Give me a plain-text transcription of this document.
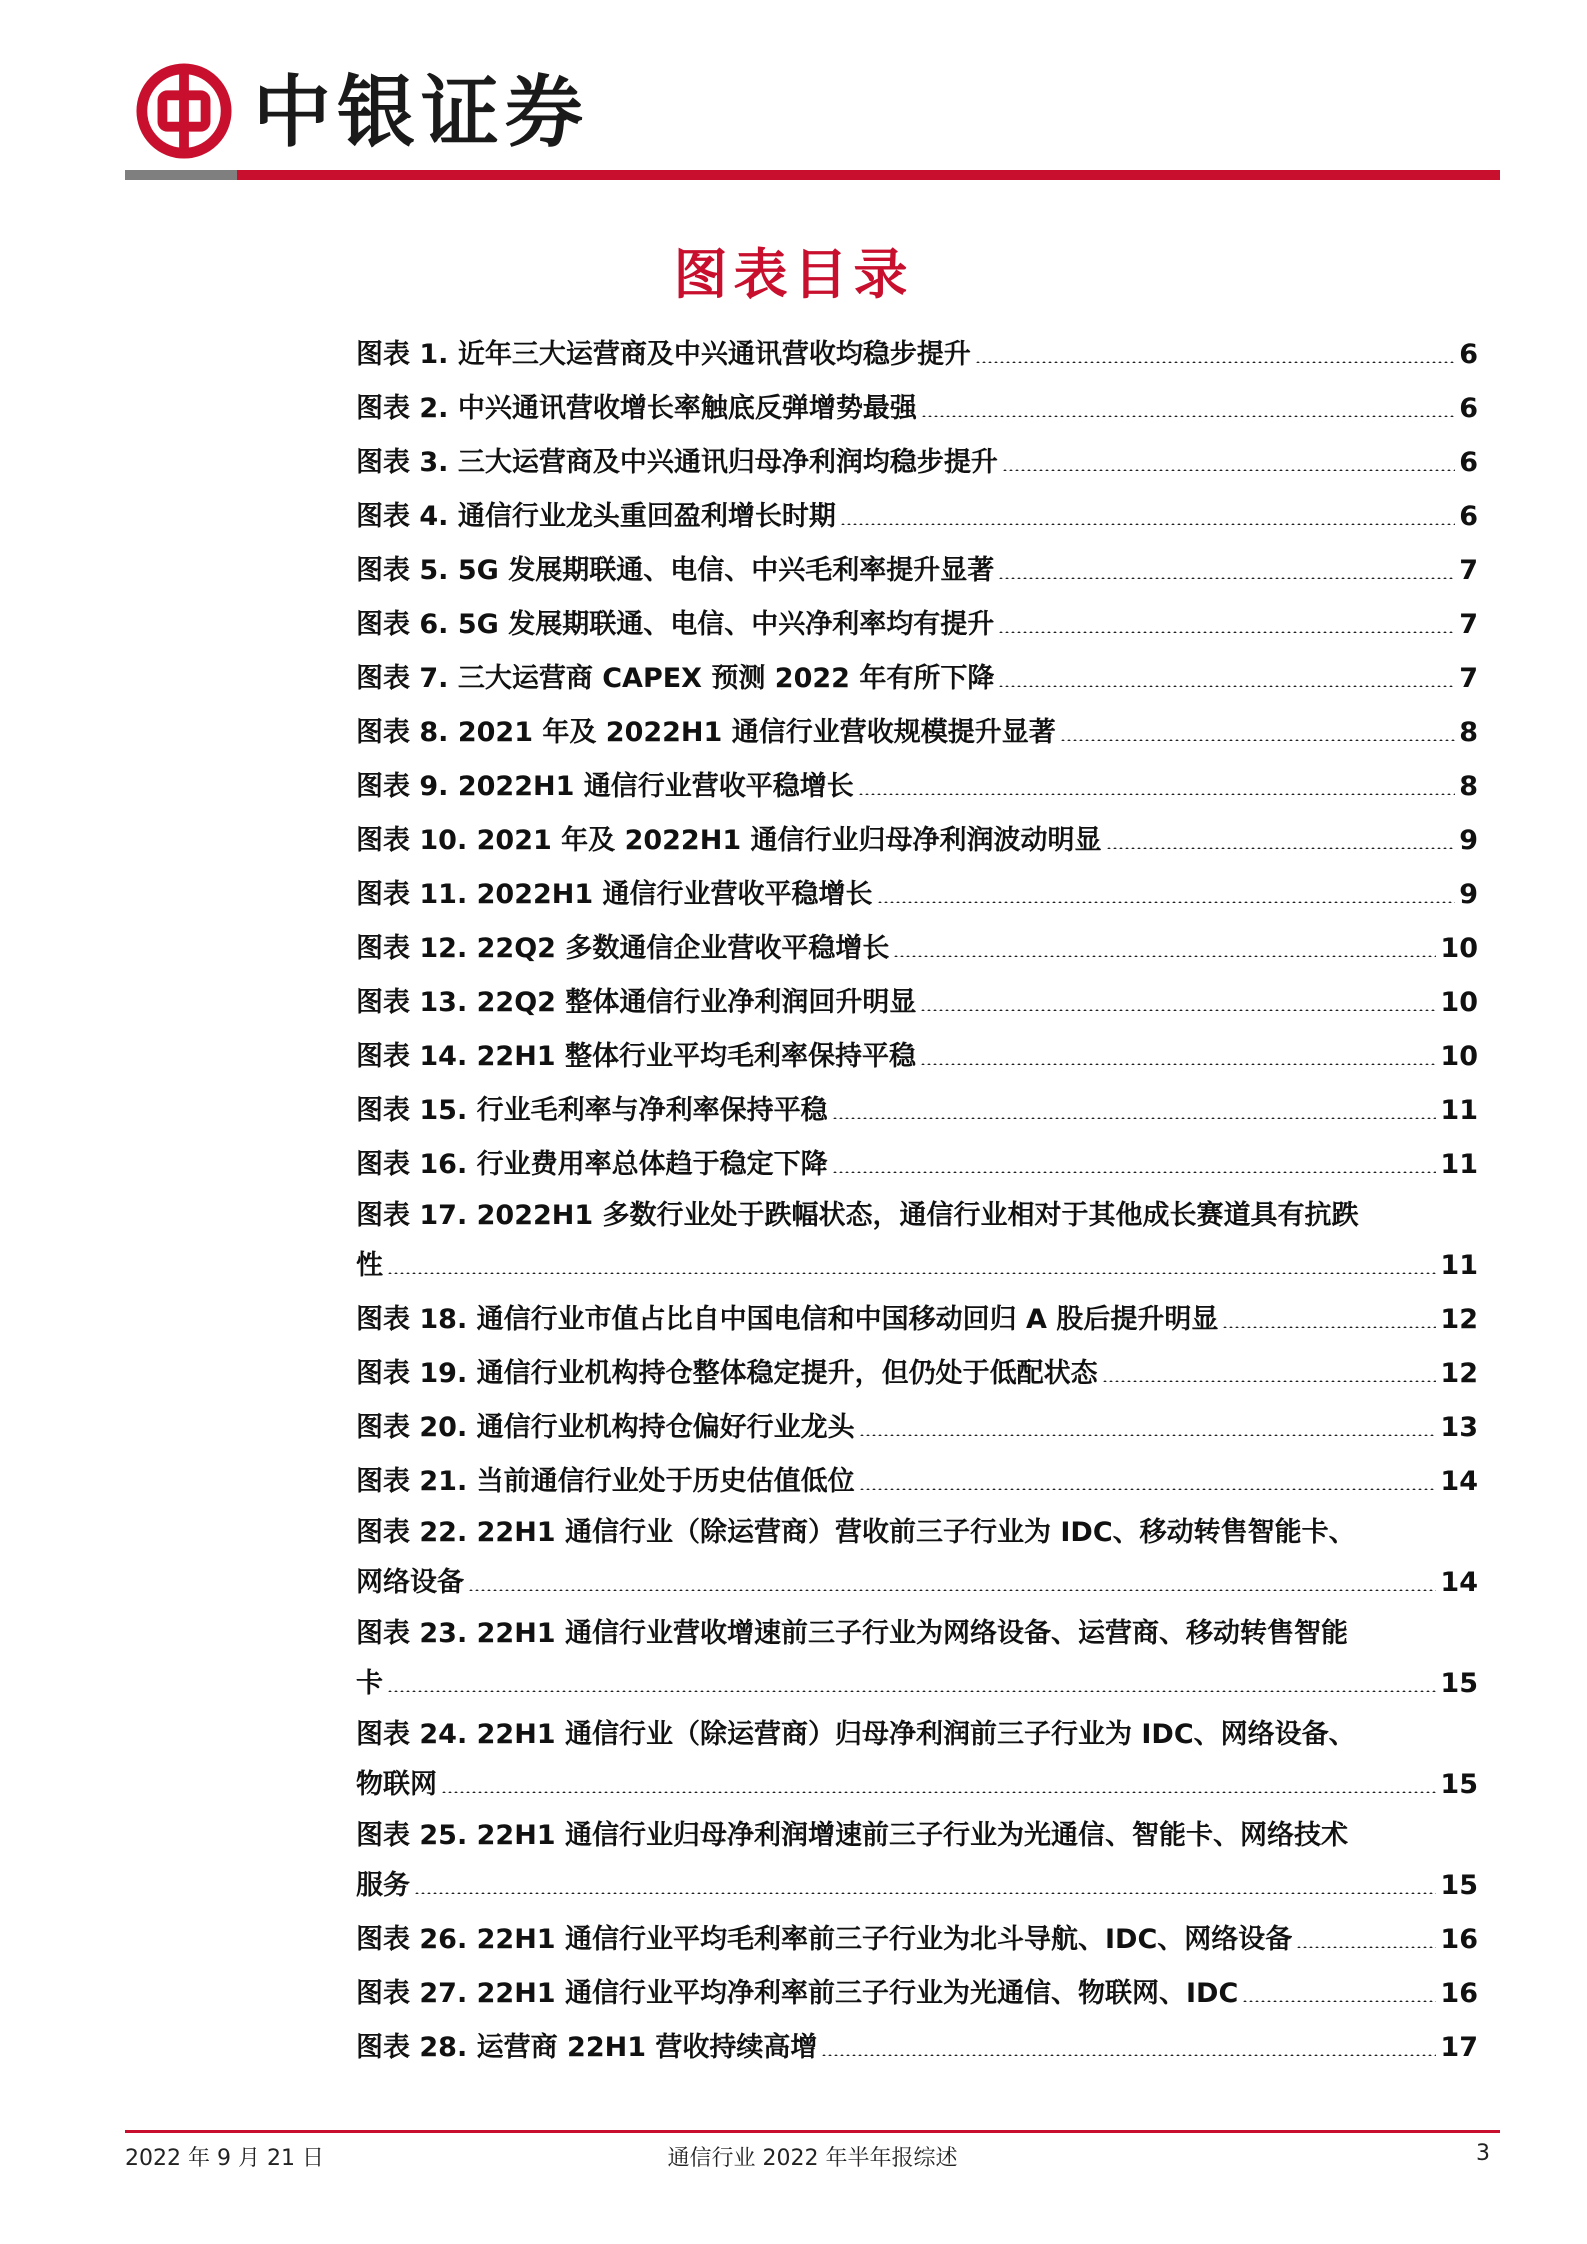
中银证券
图表目录
图表 1. 近年三大运营商及中兴通讯营收均稳步提升	6
图表 2. 中兴通讯营收增长率触底反弹增势最强	6
图表 3. 三大运营商及中兴通讯归母净利润均稳步提升	6
图表 4. 通信行业龙头重回盈利增长时期	6
图表 5. 5G 发展期联通、电信、中兴毛利率提升显著	7
图表 6. 5G 发展期联通、电信、中兴净利率均有提升	7
图表 7. 三大运营商 CAPEX 预测 2022 年有所下降	7
图表 8. 2021 年及 2022H1 通信行业营收规模提升显著	8
图表 9. 2022H1 通信行业营收平稳增长	8
图表 10. 2021 年及 2022H1 通信行业归母净利润波动明显	9
图表 11. 2022H1 通信行业营收平稳增长	9
图表 12. 22Q2 多数通信企业营收平稳增长	10
图表 13. 22Q2 整体通信行业净利润回升明显	10
图表 14. 22H1 整体行业平均毛利率保持平稳	10
图表 15. 行业毛利率与净利率保持平稳	11
图表 16. 行业费用率总体趋于稳定下降	11
图表 17. 2022H1 多数行业处于跌幅状态，通信行业相对于其他成长赛道具有抗跌
性	11
图表 18. 通信行业市值占比自中国电信和中国移动回归 A 股后提升明显	12
图表 19. 通信行业机构持仓整体稳定提升，但仍处于低配状态	12
图表 20. 通信行业机构持仓偏好行业龙头	13
图表 21. 当前通信行业处于历史估值低位	14
图表 22. 22H1 通信行业（除运营商）营收前三子行业为 IDC、移动转售智能卡、
网络设备	14
图表 23. 22H1 通信行业营收增速前三子行业为网络设备、运营商、移动转售智能
卡	15
图表 24. 22H1 通信行业（除运营商）归母净利润前三子行业为 IDC、网络设备、
物联网	15
图表 25. 22H1 通信行业归母净利润增速前三子行业为光通信、智能卡、网络技术
服务	15
图表 26. 22H1 通信行业平均毛利率前三子行业为北斗导航、IDC、网络设备	16
图表 27. 22H1 通信行业平均净利率前三子行业为光通信、物联网、IDC	16
图表 28. 运营商 22H1 营收持续高增	17
2022 年 9 月 21 日	通信行业 2022 年半年报综述	3
